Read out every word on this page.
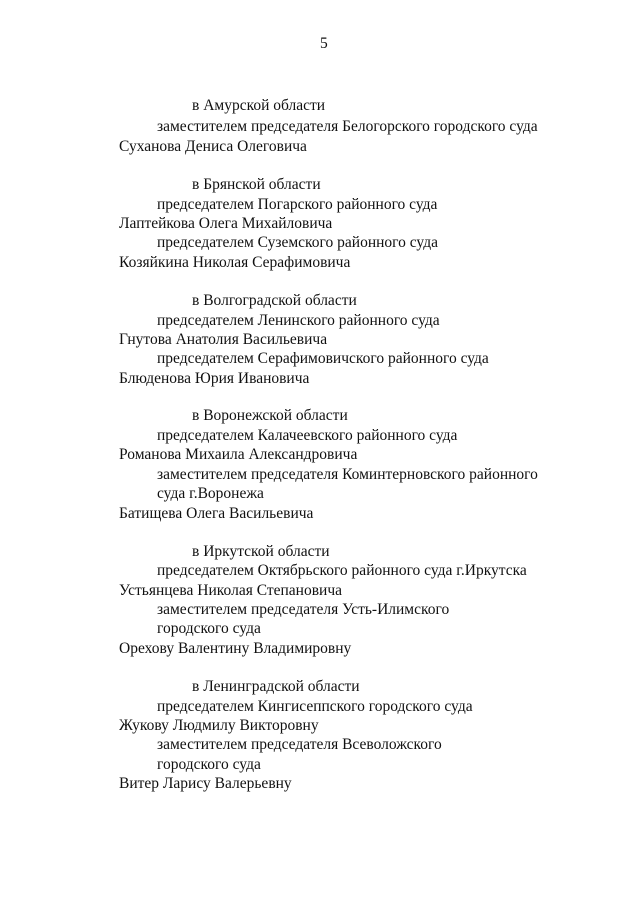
5
в Амурской области
заместителем председателя Белогорского городского суда
Суханова Дениса Олеговича
в Брянской области
председателем Погарского районного суда
Лаптейкова Олега Михайловича
председателем Суземского районного суда
Козяйкина Николая Серафимовича
в Волгоградской области
председателем Ленинского районного суда
Гнутова Анатолия Васильевича
председателем Серафимовичского районного суда
Блюденова Юрия Ивановича
в Воронежской области
председателем Калачеевского районного суда
Романова Михаила Александровича
заместителем председателя Коминтерновского районного
суда г.Воронежа
Батищева Олега Васильевича
в Иркутской области
председателем Октябрьского районного суда г.Иркутска
Устьянцева Николая Степановича
заместителем председателя Усть-Илимского
городского суда
Орехову Валентину Владимировну
в Ленинградской области
председателем Кингисеппского городского суда
Жукову Людмилу Викторовну
заместителем председателя Всеволожского
городского суда
Витер Ларису Валерьевну
